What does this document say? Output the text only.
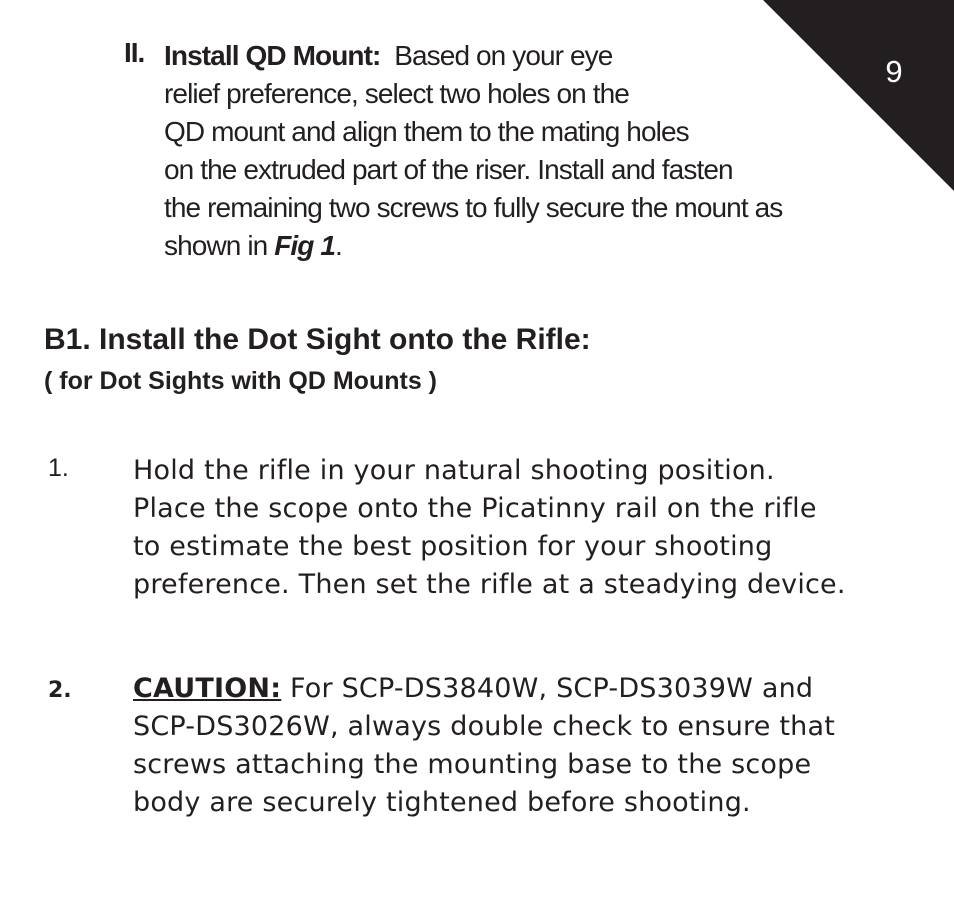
9
II. Install QD Mount: Based on your eye
relief preference, select two holes on the
QD mount and align them to the mating holes
on the extruded part of the riser. Install and fasten
the remaining two screws to fully secure the mount as
shown in Fig 1.
B1. Install the Dot Sight onto the Rifle:
( for Dot Sights with QD Mounts )
1. Hold the rifle in your natural shooting position.
Place the scope onto the Picatinny rail on the rifle
to estimate the best position for your shooting
preference. Then set the rifle at a steadying device.
2. CAUTION: For SCP-DS3840W, SCP-DS3039W and
SCP-DS3026W, always double check to ensure that
screws attaching the mounting base to the scope
body are securely tightened before shooting.
